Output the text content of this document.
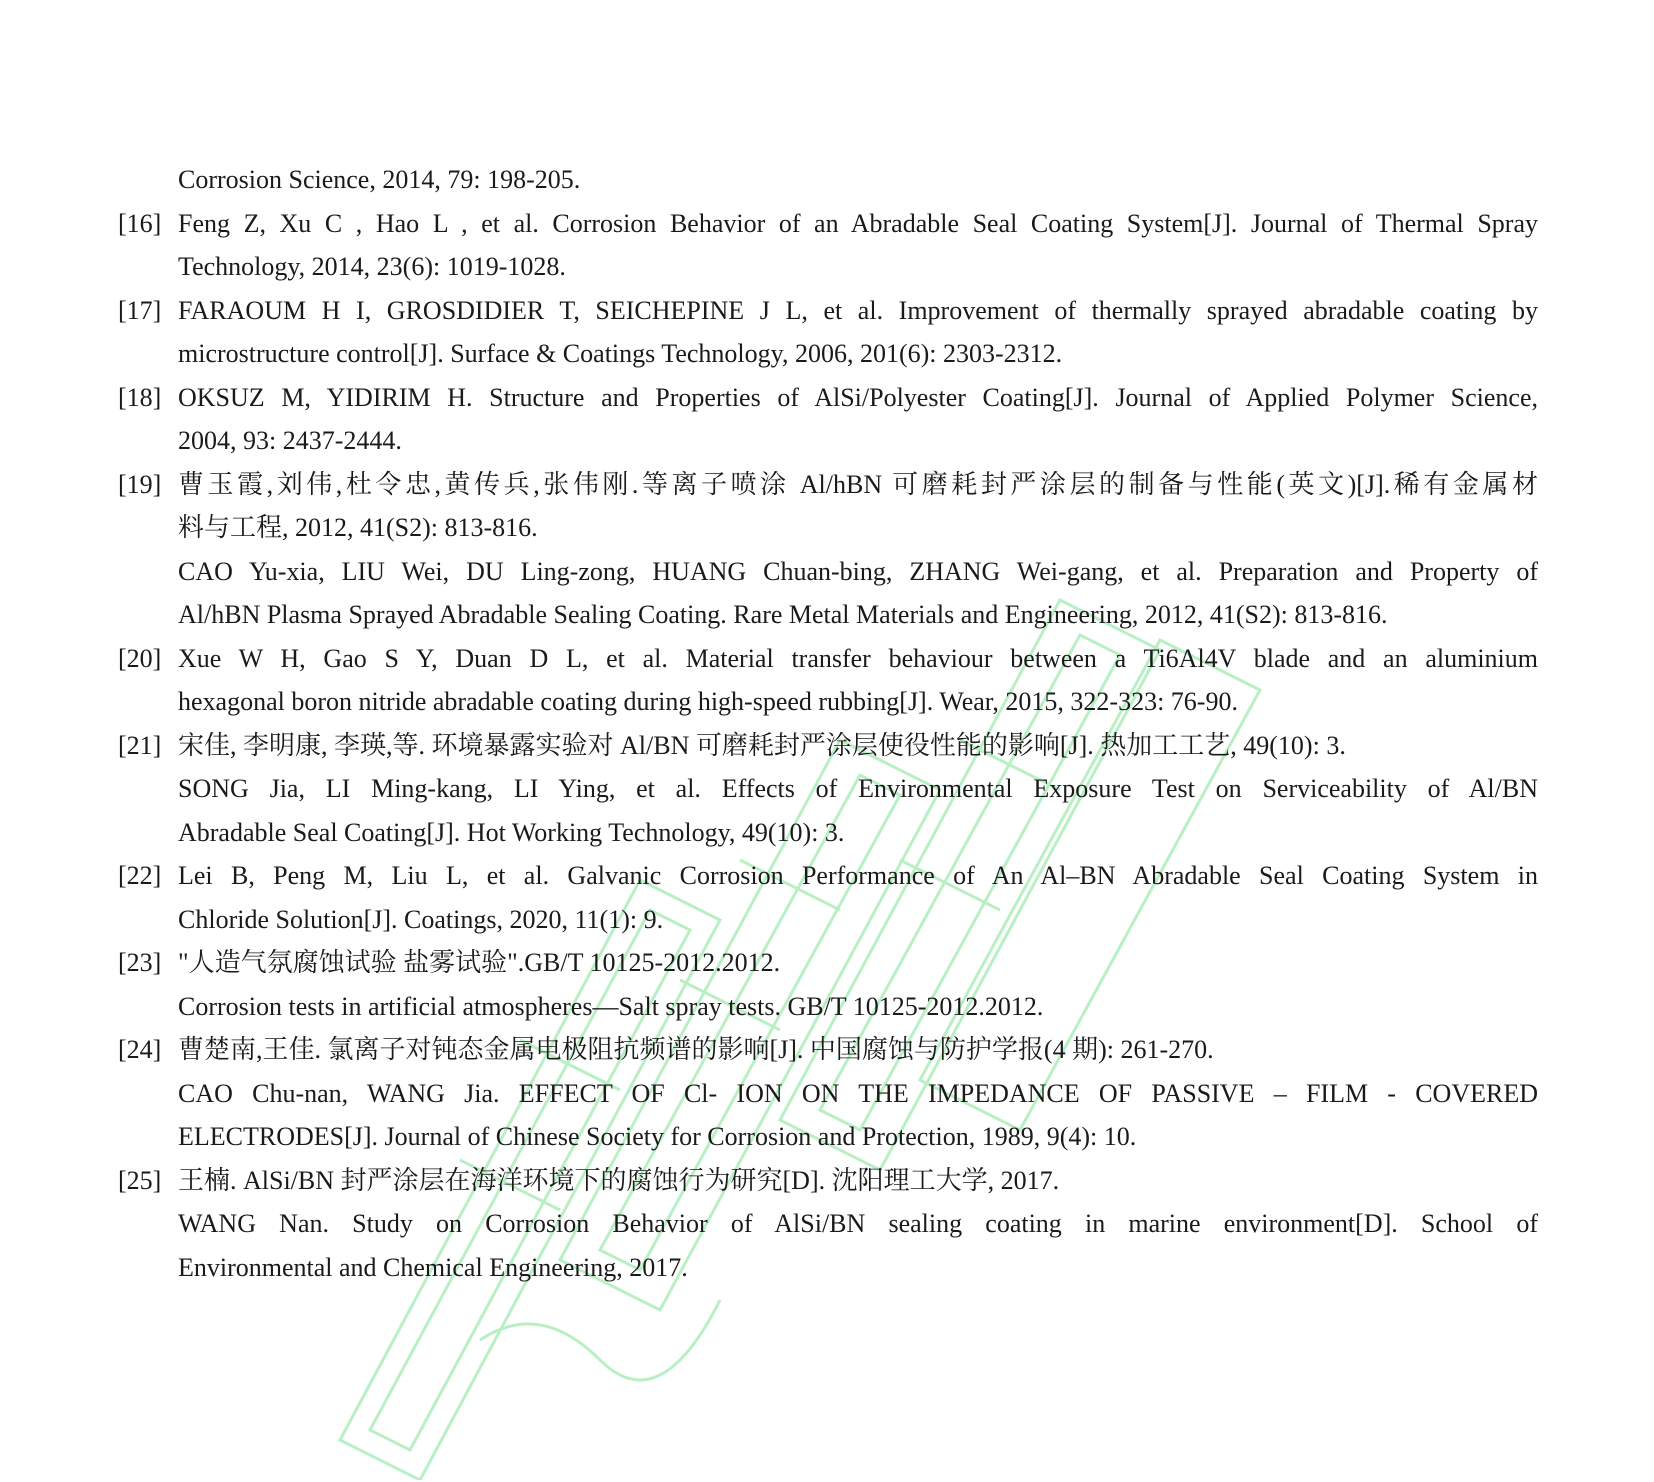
Corrosion Science, 2014, 79: 198-205.
[16] Feng Z, Xu C , Hao L , et al. Corrosion Behavior of an Abradable Seal Coating System[J]. Journal of Thermal Spray
Technology, 2014, 23(6): 1019-1028.
[17] FARAOUM H I, GROSDIDIER T, SEICHEPINE J L, et al. Improvement of thermally sprayed abradable coating by
microstructure control[J]. Surface & Coatings Technology, 2006, 201(6): 2303-2312.
[18] OKSUZ M, YIDIRIM H. Structure and Properties of AlSi/Polyester Coating[J]. Journal of Applied Polymer Science,
2004, 93: 2437-2444.
[19] 曹玉霞,刘伟,杜令忠,黄传兵,张伟刚.等离子喷涂 Al/hBN 可磨耗封严涂层的制备与性能(英文)[J].稀有金属材
料与工程, 2012, 41(S2): 813-816.
CAO Yu-xia, LIU Wei, DU Ling-zong, HUANG Chuan-bing, ZHANG Wei-gang, et al. Preparation and Property of
Al/hBN Plasma Sprayed Abradable Sealing Coating. Rare Metal Materials and Engineering, 2012, 41(S2): 813-816.
[20] Xue W H, Gao S Y, Duan D L, et al. Material transfer behaviour between a Ti6Al4V blade and an aluminium
hexagonal boron nitride abradable coating during high-speed rubbing[J]. Wear, 2015, 322-323: 76-90.
[21] 宋佳, 李明康, 李瑛,等. 环境暴露实验对 Al/BN 可磨耗封严涂层使役性能的影响[J]. 热加工工艺, 49(10): 3.
SONG Jia, LI Ming-kang, LI Ying, et al. Effects of Environmental Exposure Test on Serviceability of Al/BN
Abradable Seal Coating[J]. Hot Working Technology, 49(10): 3.
[22] Lei B, Peng M, Liu L, et al. Galvanic Corrosion Performance of An Al–BN Abradable Seal Coating System in
Chloride Solution[J]. Coatings, 2020, 11(1): 9.
[23] "人造气氛腐蚀试验 盐雾试验".GB/T 10125-2012.2012.
Corrosion tests in artificial atmospheres—Salt spray tests. GB/T 10125-2012.2012.
[24] 曹楚南,王佳. 氯离子对钝态金属电极阻抗频谱的影响[J]. 中国腐蚀与防护学报(4 期): 261-270.
CAO Chu-nan, WANG Jia. EFFECT OF Cl- ION ON THE IMPEDANCE OF PASSIVE – FILM - COVERED
ELECTRODES[J]. Journal of Chinese Society for Corrosion and Protection, 1989, 9(4): 10.
[25] 王楠. AlSi/BN 封严涂层在海洋环境下的腐蚀行为研究[D]. 沈阳理工大学, 2017.
WANG Nan. Study on Corrosion Behavior of AlSi/BN sealing coating in marine environment[D]. School of
Environmental and Chemical Engineering, 2017.
